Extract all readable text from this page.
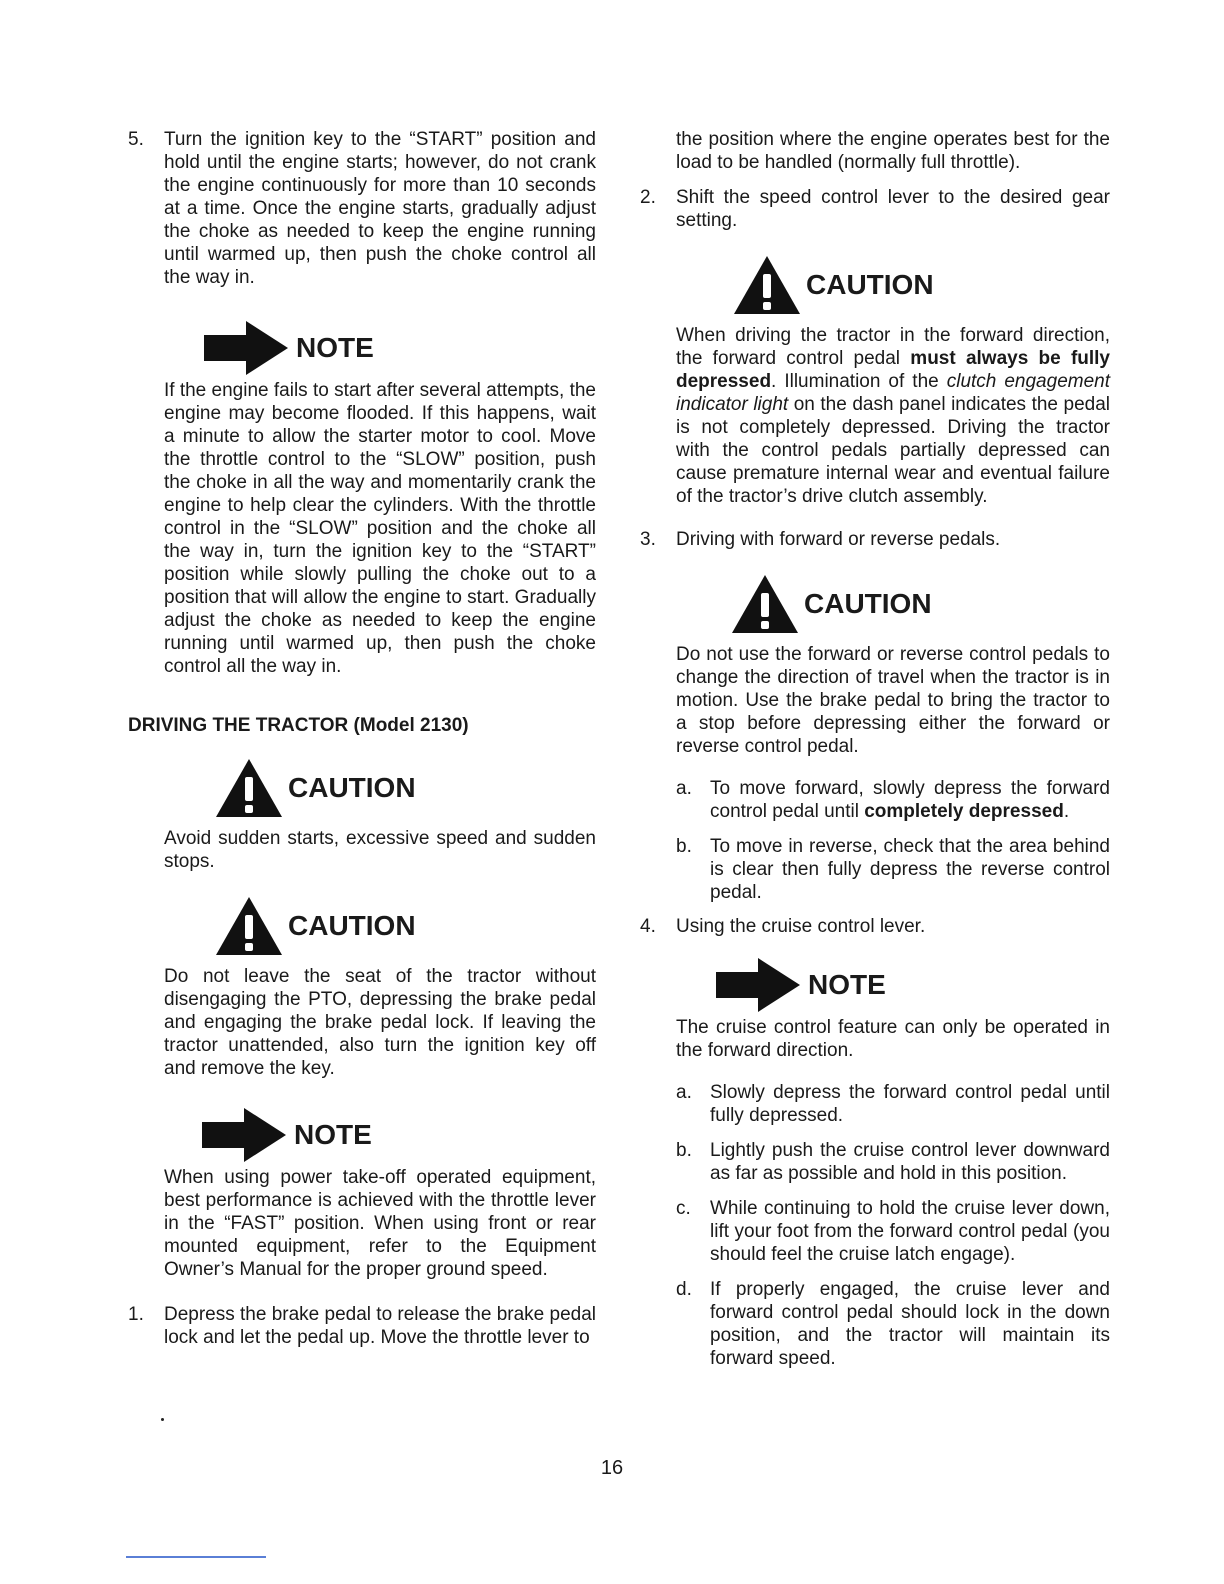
5. Turn the ignition key to the “START” position and hold until the engine starts; however, do not crank the engine continuously for more than 10 seconds at a time. Once the engine starts, gradually adjust the choke as needed to keep the engine running until warmed up, then push the choke control all the way in.
NOTE

If the engine fails to start after several attempts, the engine may become flooded. If this happens, wait a minute to allow the starter motor to cool. Move the throttle control to the “SLOW” position, push the choke in all the way and momentarily crank the engine to help clear the cylinders. With the throttle control in the “SLOW” position and the choke all the way in, turn the ignition key to the “START” position while slowly pulling the choke out to a position that will allow the engine to start. Gradually adjust the choke as needed to keep the engine running until warmed up, then push the choke control all the way in.

DRIVING THE TRACTOR (Model 2130)

CAUTION

Avoid sudden starts, excessive speed and sudden stops.

CAUTION

Do not leave the seat of the tractor without disengaging the PTO, depressing the brake pedal and engaging the brake pedal lock. If leaving the tractor unattended, also turn the ignition key off and remove the key.

NOTE

When using power take-off operated equipment, best performance is achieved with the throttle lever in the “FAST” position. When using front or rear mounted equipment, refer to the Equipment Owner’s Manual for the proper ground speed.

1. Depress the brake pedal to release the brake pedal lock and let the pedal up. Move the throttle lever to

the position where the engine operates best for the load to be handled (normally full throttle).

2. Shift the speed control lever to the desired gear setting.
CAUTION

When driving the tractor in the forward direction, the forward control pedal must always be fully depressed. Illumination of the clutch engagement indicator light on the dash panel indicates the pedal is not completely depressed. Driving the tractor with the control pedals partially depressed can cause premature internal wear and eventual failure of the tractor’s drive clutch assembly.

3. Driving with forward or reverse pedals.
CAUTION

Do not use the forward or reverse control pedals to change the direction of travel when the tractor is in motion. Use the brake pedal to bring the tractor to a stop before depressing either the forward or reverse control pedal.

a. To move forward, slowly depress the forward control pedal until completely depressed.
b. To move in reverse, check that the area behind is clear then fully depress the reverse control pedal.
4. Using the cruise control lever.
NOTE

The cruise control feature can only be operated in the forward direction.

a. Slowly depress the forward control pedal until fully depressed.
b. Lightly push the cruise control lever downward as far as possible and hold in this position.
c. While continuing to hold the cruise lever down, lift your foot from the forward control pedal (you should feel the cruise latch engage).
d. If properly engaged, the cruise lever and forward control pedal should lock in the down position, and the tractor will maintain its forward speed.
16
